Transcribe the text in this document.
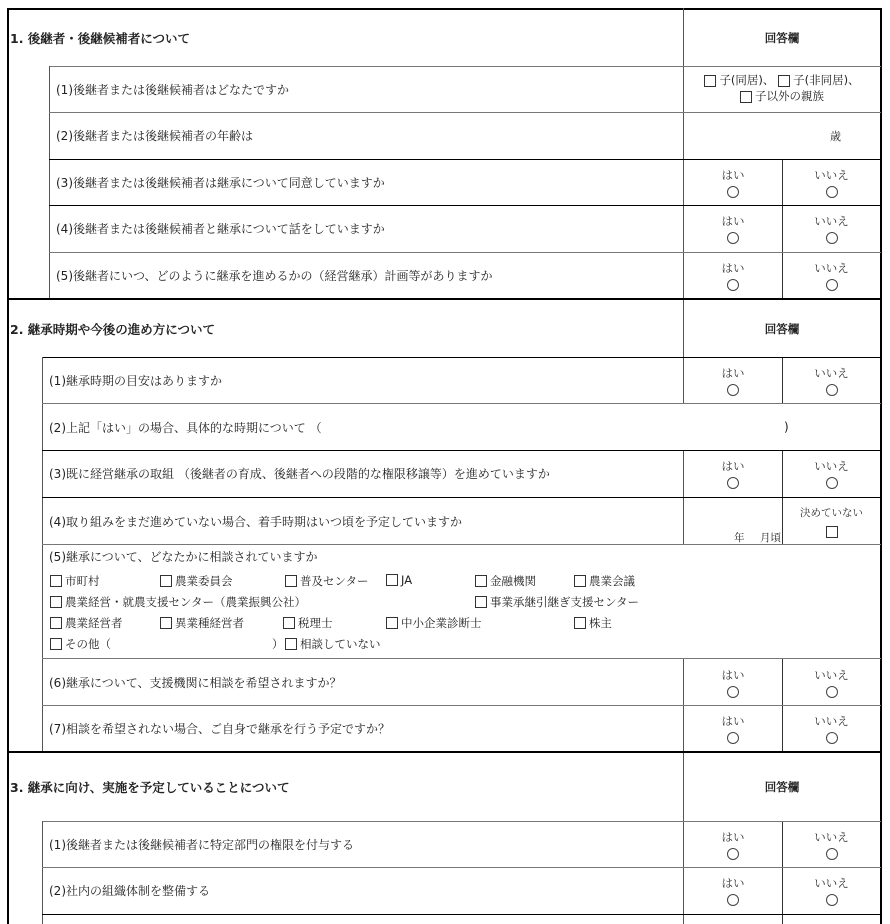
1. 後継者・後継候補者について	回答欄
(1)後継者または後継候補者はどなたですか
子(同居)、 子(非同居)、
子以外の親族
(2)後継者または後継候補者の年齢は	歳
(3)後継者または後継候補者は継承について同意していますか
はい	いいえ
(4)後継者または後継候補者と継承について話をしていますか
はい	いいえ
(5)後継者にいつ、どのように継承を進めるかの（経営継承）計画等がありますか
はい	いいえ
2. 継承時期や今後の進め方について	回答欄
(1)継承時期の目安はありますか
はい	いいえ
(2)上記「はい」の場合、具体的な時期について （	)
(3)既に経営継承の取組 （後継者の育成、後継者への段階的な権限移譲等）を進めていますか
はい	いいえ
(4)取り組みをまだ進めていない場合、着手時期はいつ頃を予定していますか
年 月頃
決めていない
(5)継承について、どなたかに相談されていますか
市町村	農業委員会	普及センター	JA	金融機関	農業会議
農業経営・就農支援センター（農業振興公社）	事業承継引継ぎ支援センター
農業経営者	異業種経営者	税理士	中小企業診断士	株主
その他（	） 相談していない
(6)継承について、支援機関に相談を希望されますか？
はい	いいえ
(7)相談を希望されない場合、ご自身で継承を行う予定ですか？
はい	いいえ
3. 継承に向け、実施を予定していることについて	回答欄
(1)後継者または後継候補者に特定部門の権限を付与する
はい	いいえ
(2)社内の組織体制を整備する
はい	いいえ
